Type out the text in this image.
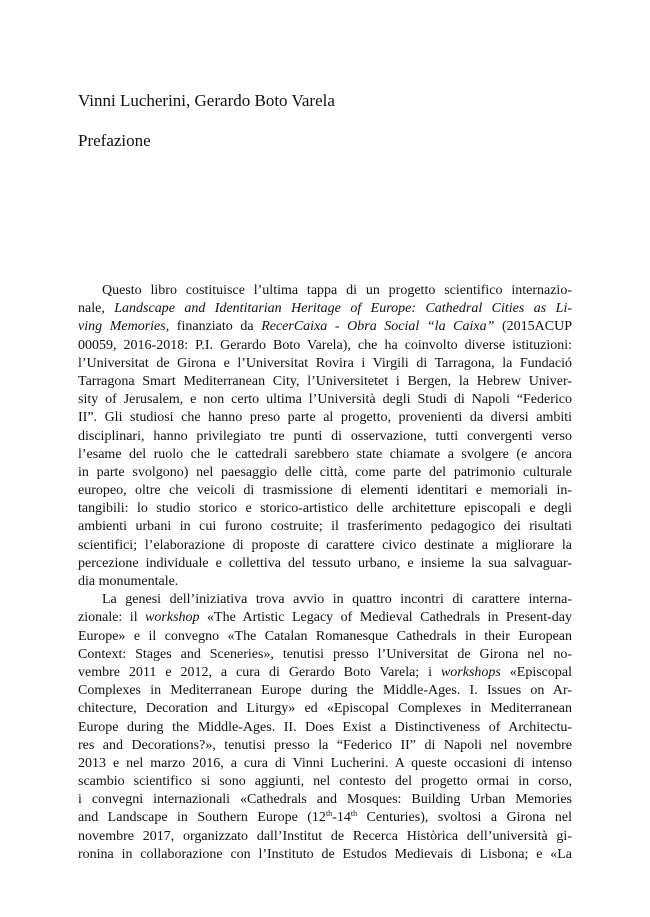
Vinni Lucherini, Gerardo Boto Varela
Prefazione
Questo libro costituisce l’ultima tappa di un progetto scientifico internazio-
nale, Landscape and Identitarian Heritage of Europe: Cathedral Cities as Li-
ving Memories, finanziato da RecerCaixa - Obra Social “la Caixa” (2015ACUP
00059, 2016-2018: P.I. Gerardo Boto Varela), che ha coinvolto diverse istituzioni:
l’Universitat de Girona e l’Universitat Rovira i Virgili di Tarragona, la Fundació
Tarragona Smart Mediterranean City, l’Universitetet i Bergen, la Hebrew Univer-
sity of Jerusalem, e non certo ultima l’Università degli Studi di Napoli “Federico
II”. Gli studiosi che hanno preso parte al progetto, provenienti da diversi ambiti
disciplinari, hanno privilegiato tre punti di osservazione, tutti convergenti verso
l’esame del ruolo che le cattedrali sarebbero state chiamate a svolgere (e ancora
in parte svolgono) nel paesaggio delle città, come parte del patrimonio culturale
europeo, oltre che veicoli di trasmissione di elementi identitari e memoriali in-
tangibili: lo studio storico e storico-artistico delle architetture episcopali e degli
ambienti urbani in cui furono costruite; il trasferimento pedagogico dei risultati
scientifici; l’elaborazione di proposte di carattere civico destinate a migliorare la
percezione individuale e collettiva del tessuto urbano, e insieme la sua salvaguar-
dia monumentale.
La genesi dell’iniziativa trova avvio in quattro incontri di carattere interna-
zionale: il workshop «The Artistic Legacy of Medieval Cathedrals in Present-day
Europe» e il convegno «The Catalan Romanesque Cathedrals in their European
Context: Stages and Sceneries», tenutisi presso l’Universitat de Girona nel no-
vembre 2011 e 2012, a cura di Gerardo Boto Varela; i workshops «Episcopal
Complexes in Mediterranean Europe during the Middle-Ages. I. Issues on Ar-
chitecture, Decoration and Liturgy» ed «Episcopal Complexes in Mediterranean
Europe during the Middle-Ages. II. Does Exist a Distinctiveness of Architectu-
res and Decorations?», tenutisi presso la “Federico II” di Napoli nel novembre
2013 e nel marzo 2016, a cura di Vinni Lucherini. A queste occasioni di intenso
scambio scientifico si sono aggiunti, nel contesto del progetto ormai in corso,
i convegni internazionali «Cathedrals and Mosques: Building Urban Memories
and Landscape in Southern Europe (12th-14th Centuries), svoltosi a Girona nel
novembre 2017, organizzato dall’Institut de Recerca Històrica dell’università gi-
ronina in collaborazione con l’Instituto de Estudos Medievais di Lisbona; e «La
